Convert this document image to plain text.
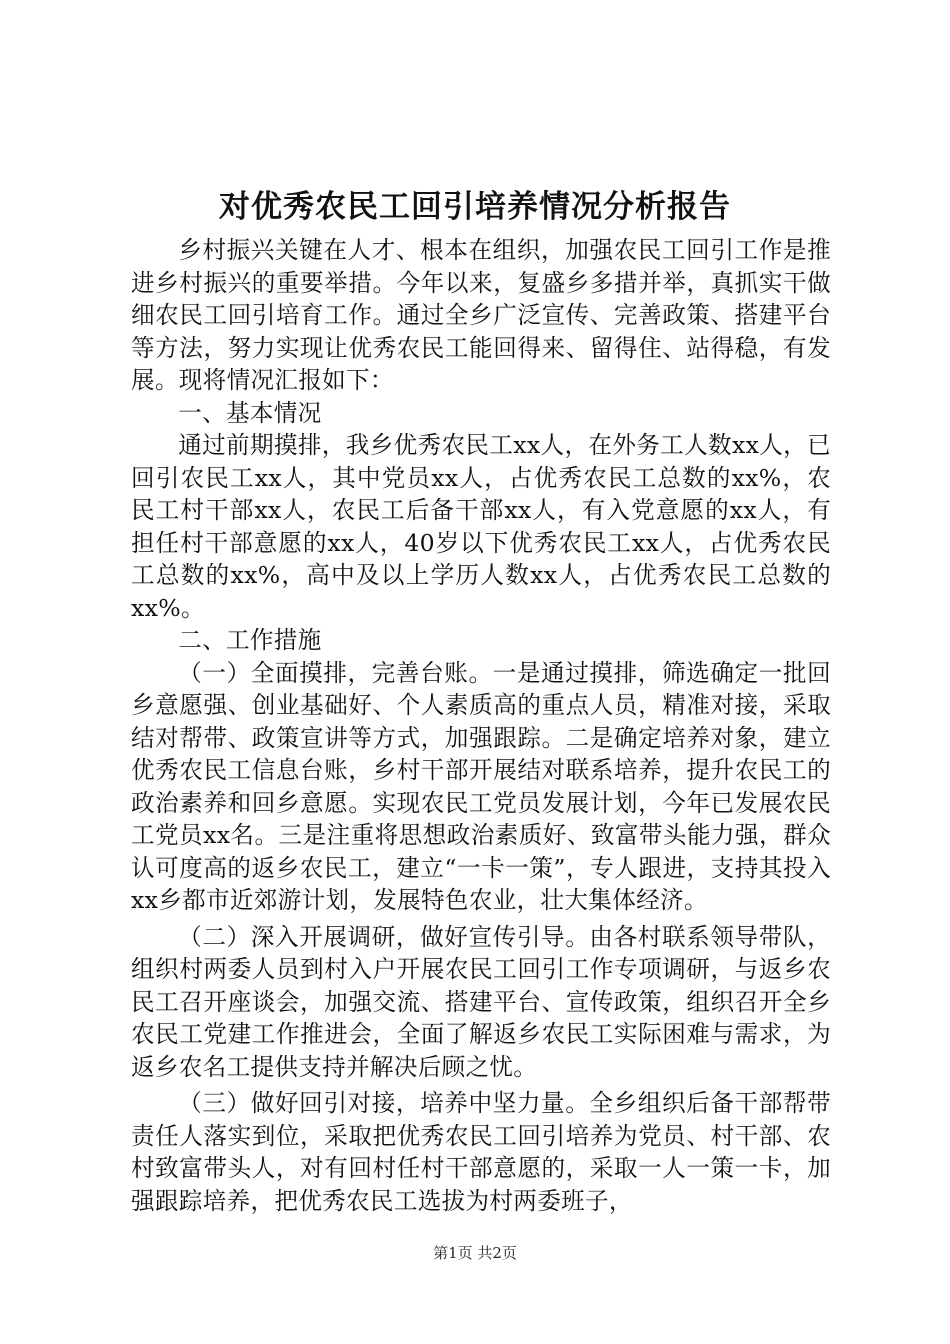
对优秀农民工回引培养情况分析报告

乡村振兴关键在人才、根本在组织，加强农民工回引工作是推进乡村振兴的重要举措。今年以来，复盛乡多措并举，真抓实干做细农民工回引培育工作。通过全乡广泛宣传、完善政策、搭建平台等方法，努力实现让优秀农民工能回得来、留得住、站得稳，有发展。现将情况汇报如下：

一、基本情况

通过前期摸排，我乡优秀农民工xx人，在外务工人数xx人，已回引农民工xx人，其中党员xx人，占优秀农民工总数的xx%，农民工村干部xx人，农民工后备干部xx人，有入党意愿的xx人，有担任村干部意愿的xx人，40岁以下优秀农民工xx人，占优秀农民工总数的xx%，高中及以上学历人数xx人，占优秀农民工总数的xx%。

二、工作措施

（一）全面摸排，完善台账。一是通过摸排，筛选确定一批回乡意愿强、创业基础好、个人素质高的重点人员，精准对接，采取结对帮带、政策宣讲等方式，加强跟踪。二是确定培养对象，建立优秀农民工信息台账，乡村干部开展结对联系培养，提升农民工的政治素养和回乡意愿。实现农民工党员发展计划，今年已发展农民工党员xx名。三是注重将思想政治素质好、致富带头能力强，群众认可度高的返乡农民工，建立“一卡一策”，专人跟进，支持其投入xx乡都市近郊游计划，发展特色农业，壮大集体经济。

（二）深入开展调研，做好宣传引导。由各村联系领导带队，组织村两委人员到村入户开展农民工回引工作专项调研，与返乡农民工召开座谈会，加强交流、搭建平台、宣传政策，组织召开全乡农民工党建工作推进会，全面了解返乡农民工实际困难与需求，为返乡农名工提供支持并解决后顾之忧。

（三）做好回引对接，培养中坚力量。全乡组织后备干部帮带责任人落实到位，采取把优秀农民工回引培养为党员、村干部、农村致富带头人，对有回村任村干部意愿的，采取一人一策一卡，加强跟踪培养，把优秀农民工选拔为村两委班子，

第1页 共2页
